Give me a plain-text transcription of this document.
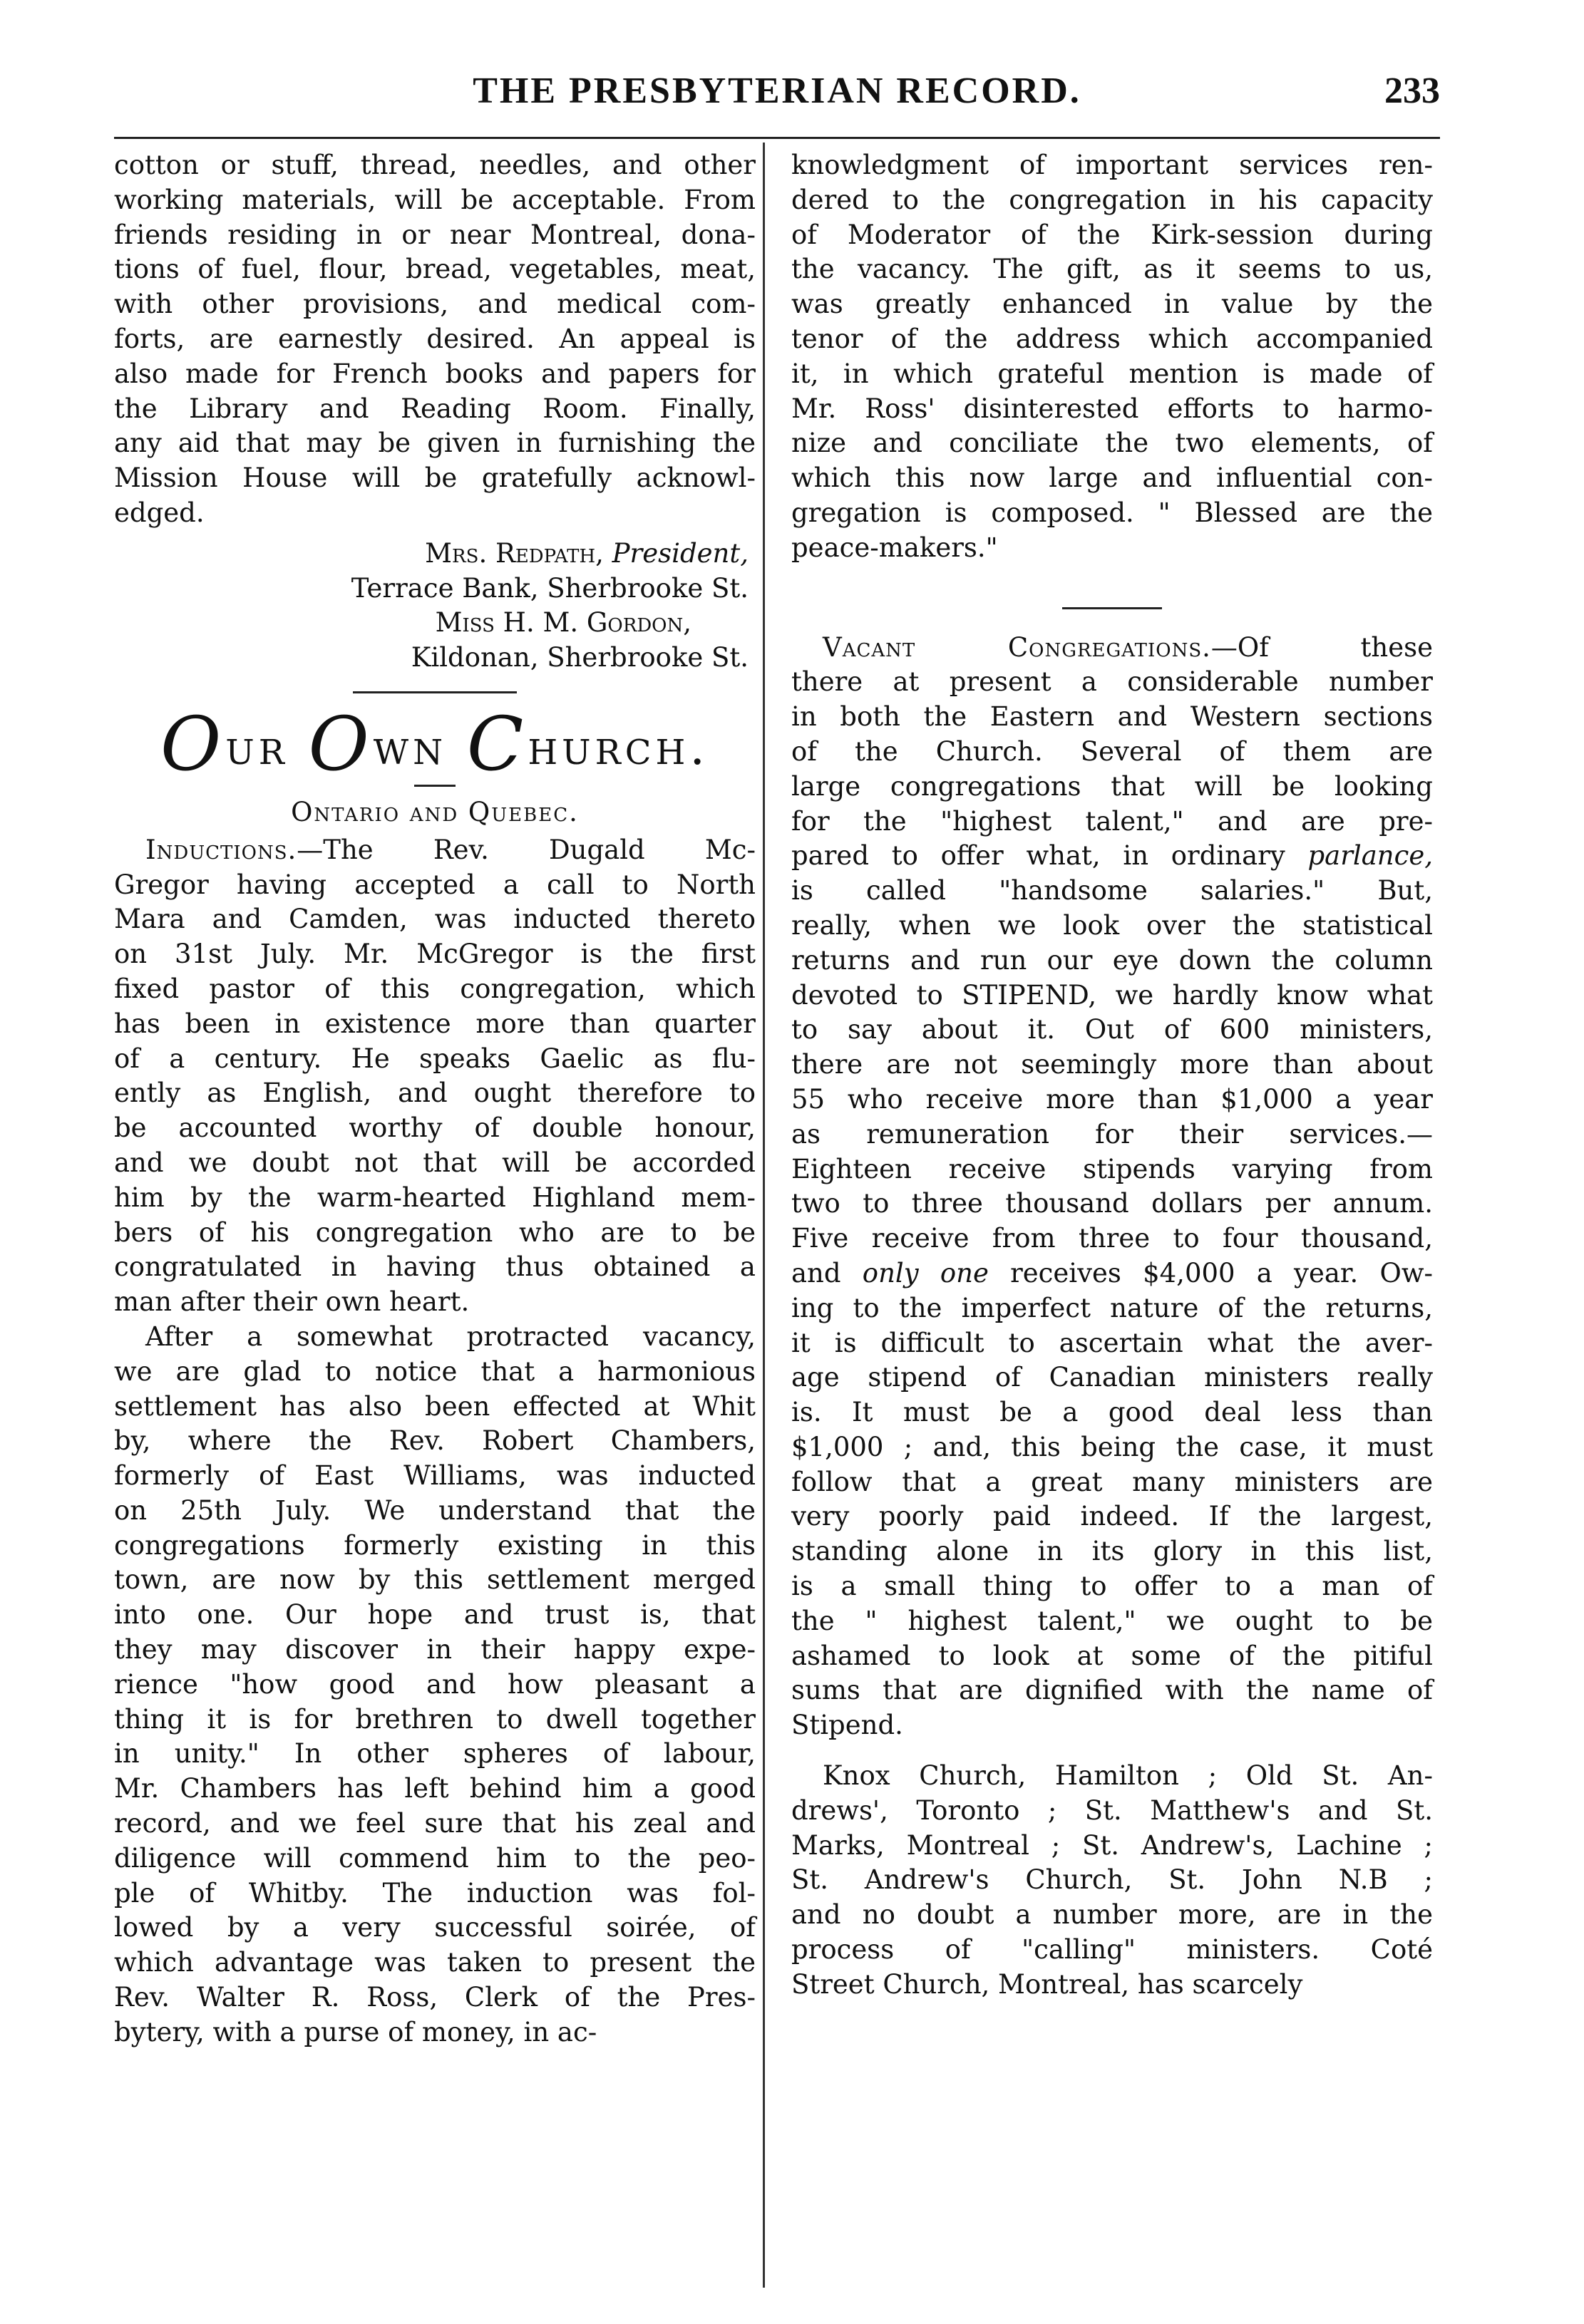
THE PRESBYTERIAN RECORD.	233
cotton or stuff, thread, needles, and other
working materials, will be acceptable. From
friends residing in or near Montreal, dona-
tions of fuel, flour, bread, vegetables, meat,
with other provisions, and medical com-
forts, are earnestly desired. An appeal is
also made for French books and papers for
the Library and Reading Room. Finally,
any aid that may be given in furnishing the
Mission House will be gratefully acknowl-
edged.
Mrs. Redpath, President,
Terrace Bank, Sherbrooke St.
Miss H. M. Gordon,
Kildonan, Sherbrooke St.
Our Own Church.
Ontario and Quebec.
Inductions.—The Rev. Dugald Mc-
Gregor having accepted a call to North
Mara and Camden, was inducted thereto
on 31st July. Mr. McGregor is the first
fixed pastor of this congregation, which
has been in existence more than quarter
of a century. He speaks Gaelic as flu-
ently as English, and ought therefore to
be accounted worthy of double honour,
and we doubt not that will be accorded
him by the warm-hearted Highland mem-
bers of his congregation who are to be
congratulated in having thus obtained a
man after their own heart.
After a somewhat protracted vacancy,
we are glad to notice that a harmonious
settlement has also been effected at Whit
by, where the Rev. Robert Chambers,
formerly of East Williams, was inducted
on 25th July. We understand that the
congregations formerly existing in this
town, are now by this settlement merged
into one. Our hope and trust is, that
they may discover in their happy expe-
rience "how good and how pleasant a
thing it is for brethren to dwell together
in unity." In other spheres of labour,
Mr. Chambers has left behind him a good
record, and we feel sure that his zeal and
diligence will commend him to the peo-
ple of Whitby. The induction was fol-
lowed by a very successful soirée, of
which advantage was taken to present the
Rev. Walter R. Ross, Clerk of the Pres-
bytery, with a purse of money, in ac-
knowledgment of important services ren-
dered to the congregation in his capacity
of Moderator of the Kirk-session during
the vacancy. The gift, as it seems to us,
was greatly enhanced in value by the
tenor of the address which accompanied
it, in which grateful mention is made of
Mr. Ross' disinterested efforts to harmo-
nize and conciliate the two elements, of
which this now large and influential con-
gregation is composed. " Blessed are the
peace-makers."
Vacant Congregations.—Of these
there at present a considerable number
in both the Eastern and Western sections
of the Church. Several of them are
large congregations that will be looking
for the "highest talent," and are pre-
pared to offer what, in ordinary parlance,
is called "handsome salaries." But,
really, when we look over the statistical
returns and run our eye down the column
devoted to STIPEND, we hardly know what
to say about it. Out of 600 ministers,
there are not seemingly more than about
55 who receive more than $1,000 a year
as remuneration for their services.—
Eighteen receive stipends varying from
two to three thousand dollars per annum.
Five receive from three to four thousand,
and only one receives $4,000 a year. Ow-
ing to the imperfect nature of the returns,
it is difficult to ascertain what the aver-
age stipend of Canadian ministers really
is. It must be a good deal less than
$1,000 ; and, this being the case, it must
follow that a great many ministers are
very poorly paid indeed. If the largest,
standing alone in its glory in this list,
is a small thing to offer to a man of
the " highest talent," we ought to be
ashamed to look at some of the pitiful
sums that are dignified with the name of
Stipend.
Knox Church, Hamilton ; Old St. An-
drews', Toronto ; St. Matthew's and St.
Marks, Montreal ; St. Andrew's, Lachine ;
St. Andrew's Church, St. John N.B ;
and no doubt a number more, are in the
process of "calling" ministers. Coté
Street Church, Montreal, has scarcely
